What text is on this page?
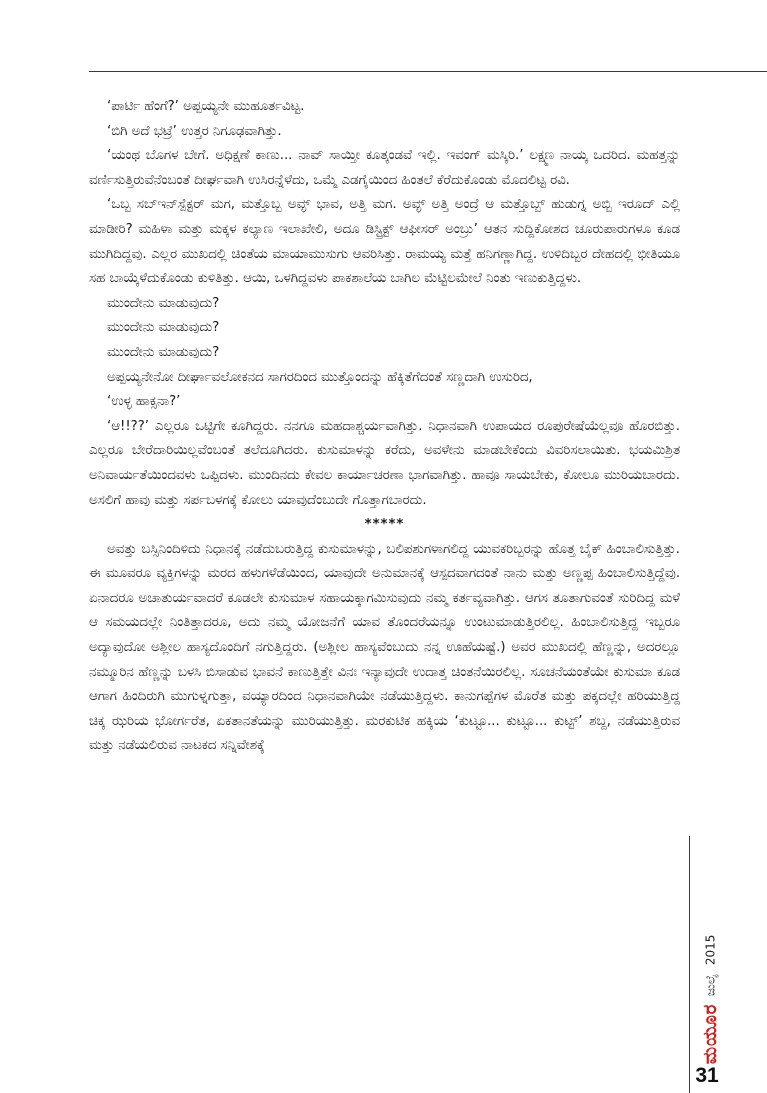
‘ಪಾರ್ಟಿ ಹೆಂಗೆ?’ ಅಪ್ಪಯ್ಯನೇ ಮುಹೂರ್ತವಿಟ್ಟ.

‘ಬಿಗಿ ಅದೆ ಭಟ್ರೆ’ ಉತ್ತರ ನಿಗೂಢವಾಗಿತ್ತು.

‘ಯಂಥ ಬೊಗಳ ಬೇಗೆ. ಅಧಿಕ್ಷಣೆ ಕಾಣು... ನಾವ್ ಸಾಯ್ತೀ ಕೂತ್ಕಂಡವೆ ಇಲ್ಲಿ. ಇವಂಗ್ ಮಸ್ಕಿರಿ.’ ಲಕ್ಷ್ಮಣ ನಾಯ್ಕ ಒದರಿದ. ಮಹತ್ತನ್ನು ವರ್ಣಿಸುತ್ತಿರುವೆನೆಂಬಂತೆ ದೀರ್ಘವಾಗಿ ಉಸಿರನ್ನೆಳೆದು, ಒಮ್ಮೆ ಎಡಗೈಯಿಂದ ಹಿಂತಲೆ ಕೆರೆದುಕೊಂಡು ಮೊದಲಿಟ್ಟ ರವಿ.

‘ಒಬ್ಬ ಸಬ್‌ಇನ್‌ಸ್ಪೆಕ್ಟರ್ ಮಗ, ಮತ್ತೊಬ್ಬ ಅವ್ಳ್ ಭಾವ, ಅತ್ತಿ ಮಗ. ಅವ್ಳ್ ಅತ್ತಿ ಅಂದ್ರೆ ಆ ಮತ್ತೊಬ್ಬ್ ಹುಡುಗ್ನ ಅಬ್ಬಿ ಇರೂದ್ ಎಲ್ಲಿ ಮಾಡೀರಿ? ಮಹಿಳಾ ಮತ್ತು ಮಕ್ಕಳ ಕಲ್ಯಾಣ ಇಲಾಖೇಲಿ, ಅದೂ ಡಿಸ್ಟ್ರಿಕ್ಟ್ ಆಫೀಸರ್ ಅಂಬ್ರು’ ಆತನ ಸುದ್ದಿಕೋಶದ ಚೂರುಪಾರುಗಳೂ ಕೂಡ ಮುಗಿದಿದ್ದವು. ಎಲ್ಲರ ಮುಖದಲ್ಲಿ ಚಿಂತೆಯ ಮಾಯಾಮುಸುಗು ಆವರಿಸಿತ್ತು. ರಾಮಯ್ಯ ಮತ್ತೆ ಹನಿಗಣ್ಣಾಗಿದ್ದ. ಉಳಿದಿಬ್ಬರ ದೇಹದಲ್ಲಿ ಭೀತಿಯೂ ಸಹ ಬಾಯ್ಕೆಳೆದುಕೊಂಡು ಕುಳಿತಿತ್ತು. ಆಯಿ, ಒಳಗಿದ್ದವಳು ಪಾಕಶಾಲೆಯ ಬಾಗಿಲ ಮೆಟ್ಟಿಲಮೇಲೆ ನಿಂತು ಇಣುಕುತ್ತಿದ್ದಳು.

ಮುಂದೇನು ಮಾಡುವುದು?

ಮುಂದೇನು ಮಾಡುವುದು?

ಮುಂದೇನು ಮಾಡುವುದು?

ಅಪ್ಪಯ್ಯನೇನೋ ದೀರ್ಘಾವಲೋಕನದ ಸಾಗರದಿಂದ ಮುತ್ತೊಂದನ್ನು ಹೆಕ್ಕಿತೆಗೆದಂತೆ ಸಣ್ಣದಾಗಿ ಉಸುರಿದ,

‘ಉಳ್ಳ ಹಾಕ್ಸನಾ?’

‘ಆ!!??’ ಎಲ್ಲರೂ ಒಟ್ಟಿಗೇ ಕೂಗಿದ್ದರು. ನನಗೂ ಮಹದಾಶ್ಚರ್ಯವಾಗಿತ್ತು. ನಿಧಾನವಾಗಿ ಉಪಾಯದ ರೂಪುರೇಷೆಯೆಲ್ಲವೂ ಹೊರಬಿತ್ತು. ಎಲ್ಲರೂ ಬೇರೆದಾರಿಯಿಲ್ಲವೆಂಬಂತೆ ತಲೆದೂಗಿದರು. ಕುಸುಮಾಳನ್ನು ಕರೆದು, ಅವಳೇನು ಮಾಡಬೇಕೆಂದು ವಿವರಿಸಲಾಯಿತು. ಭಯಮಿಶ್ರಿತ ಅನಿವಾರ್ಯತೆಯಿಂದವಳು ಒಪ್ಪಿದಳು. ಮುಂದಿನದು ಕೇವಲ ಕಾರ್ಯಾಚರಣಾ ಭಾಗವಾಗಿತ್ತು. ಹಾವೂ ಸಾಯಬೇಕು, ಕೋಲೂ ಮುರಿಯಬಾರದು. ಅಸಲಿಗೆ ಹಾವು ಮತ್ತು ಸರ್ಪಬಳಗಕ್ಕೆ ಕೋಲು ಯಾವುದೆಂಬುದೇ ಗೊತ್ತಾಗಬಾರದು.

*****

ಅವತ್ತು ಬಸ್ಸಿನಿಂದಿಳಿದು ನಿಧಾನಕ್ಕೆ ನಡೆದುಬರುತ್ತಿದ್ದ ಕುಸುಮಾಳನ್ನು, ಬಲಿಪಶುಗಳಾಗಲಿದ್ದ ಯುವಕರಿಬ್ಬರನ್ನು ಹೊತ್ತ ಬೈಕ್ ಹಿಂಬಾಲಿಸುತ್ತಿತ್ತು. ಈ ಮೂವರೂ ವ್ಯಕ್ತಿಗಳನ್ನು ಮರದ ಹಳುಗಳೆಡೆಯಿಂದ, ಯಾವುದೇ ಅನುಮಾನಕ್ಕೆ ಆಸ್ಪದವಾಗದಂತೆ ನಾನು ಮತ್ತು ಅಣ್ಣಪ್ಪ ಹಿಂಬಾಲಿಸುತ್ತಿದ್ದೆವು. ಏನಾದರೂ ಅಚಾತುರ್ಯವಾದರೆ ಕೂಡಲೇ ಕುಸುಮಾಳ ಸಹಾಯಕ್ಕಾಗಮಿಸುವುದು ನಮ್ಮ ಕರ್ತವ್ಯವಾಗಿತ್ತು. ಆಗಸ ತೂತಾಗುವಂತೆ ಸುರಿದಿದ್ದ ಮಳೆ ಆ ಸಮಯದಲ್ಲೇ ನಿಂತಿತ್ತಾದರೂ, ಅದು ನಮ್ಮ ಯೋಜನೆಗೆ ಯಾವ ತೊಂದರೆಯನ್ನೂ ಉಂಟುಮಾಡುತ್ತಿರಲಿಲ್ಲ. ಹಿಂಬಾಲಿಸುತ್ತಿದ್ದ ಇಬ್ಬರೂ ಅದ್ಯಾವುದೋ ಅಶ್ಲೀಲ ಹಾಸ್ಯದೊಂದಿಗೆ ನಗುತ್ತಿದ್ದರು. (ಅಶ್ಲೀಲ ಹಾಸ್ಯವೆಂಬುದು ನನ್ನ ಊಹೆಯಷ್ಟೆ.) ಅವರ ಮುಖದಲ್ಲಿ ಹೆಣ್ಣನ್ನು, ಅದರಲ್ಲೂ ನಮ್ಮೂರಿನ ಹೆಣ್ಣನ್ನು ಬಳಸಿ ಬಿಸಾಡುವ ಭಾವನೆ ಕಾಣುತ್ತಿತ್ತೇ ವಿನಃ ಇನ್ಯಾವುದೇ ಉದಾತ್ತ ಚಿಂತನೆಯಿರಲಿಲ್ಲ. ಸೂಚನೆಯಂತೆಯೇ ಕುಸುಮಾ ಕೂಡ ಆಗಾಗ ಹಿಂದಿರುಗಿ ಮುಗುಳ್ನಗುತ್ತಾ, ವಯ್ಯಾರದಿಂದ ನಿಧಾನವಾಗಿಯೇ ನಡೆಯುತ್ತಿದ್ದಳು. ಕಾನುಗಪ್ಪೆಗಳ ಮೊರೆತ ಮತ್ತು ಪಕ್ಕದಲ್ಲೇ ಹರಿಯುತ್ತಿದ್ದ ಚಿಕ್ಕ ಝರಿಯ ಭೋರ್ಗರೆತ, ಏಕತಾನತೆಯನ್ನು ಮುರಿಯುತ್ತಿತ್ತು. ಮರಕುಟಿಕ ಹಕ್ಕಿಯ ‘ಕುಟ್ಟೂ... ಕುಟ್ಟೂ... ಕುಟ್ಟ್’ ಶಬ್ದ, ನಡೆಯುತ್ತಿರುವ ಮತ್ತು ನಡೆಯಲಿರುವ ನಾಟಕದ ಸನ್ನಿವೇಶಕ್ಕೆ

ಮಯೂರ
ಜುಲೈ
2015
31
